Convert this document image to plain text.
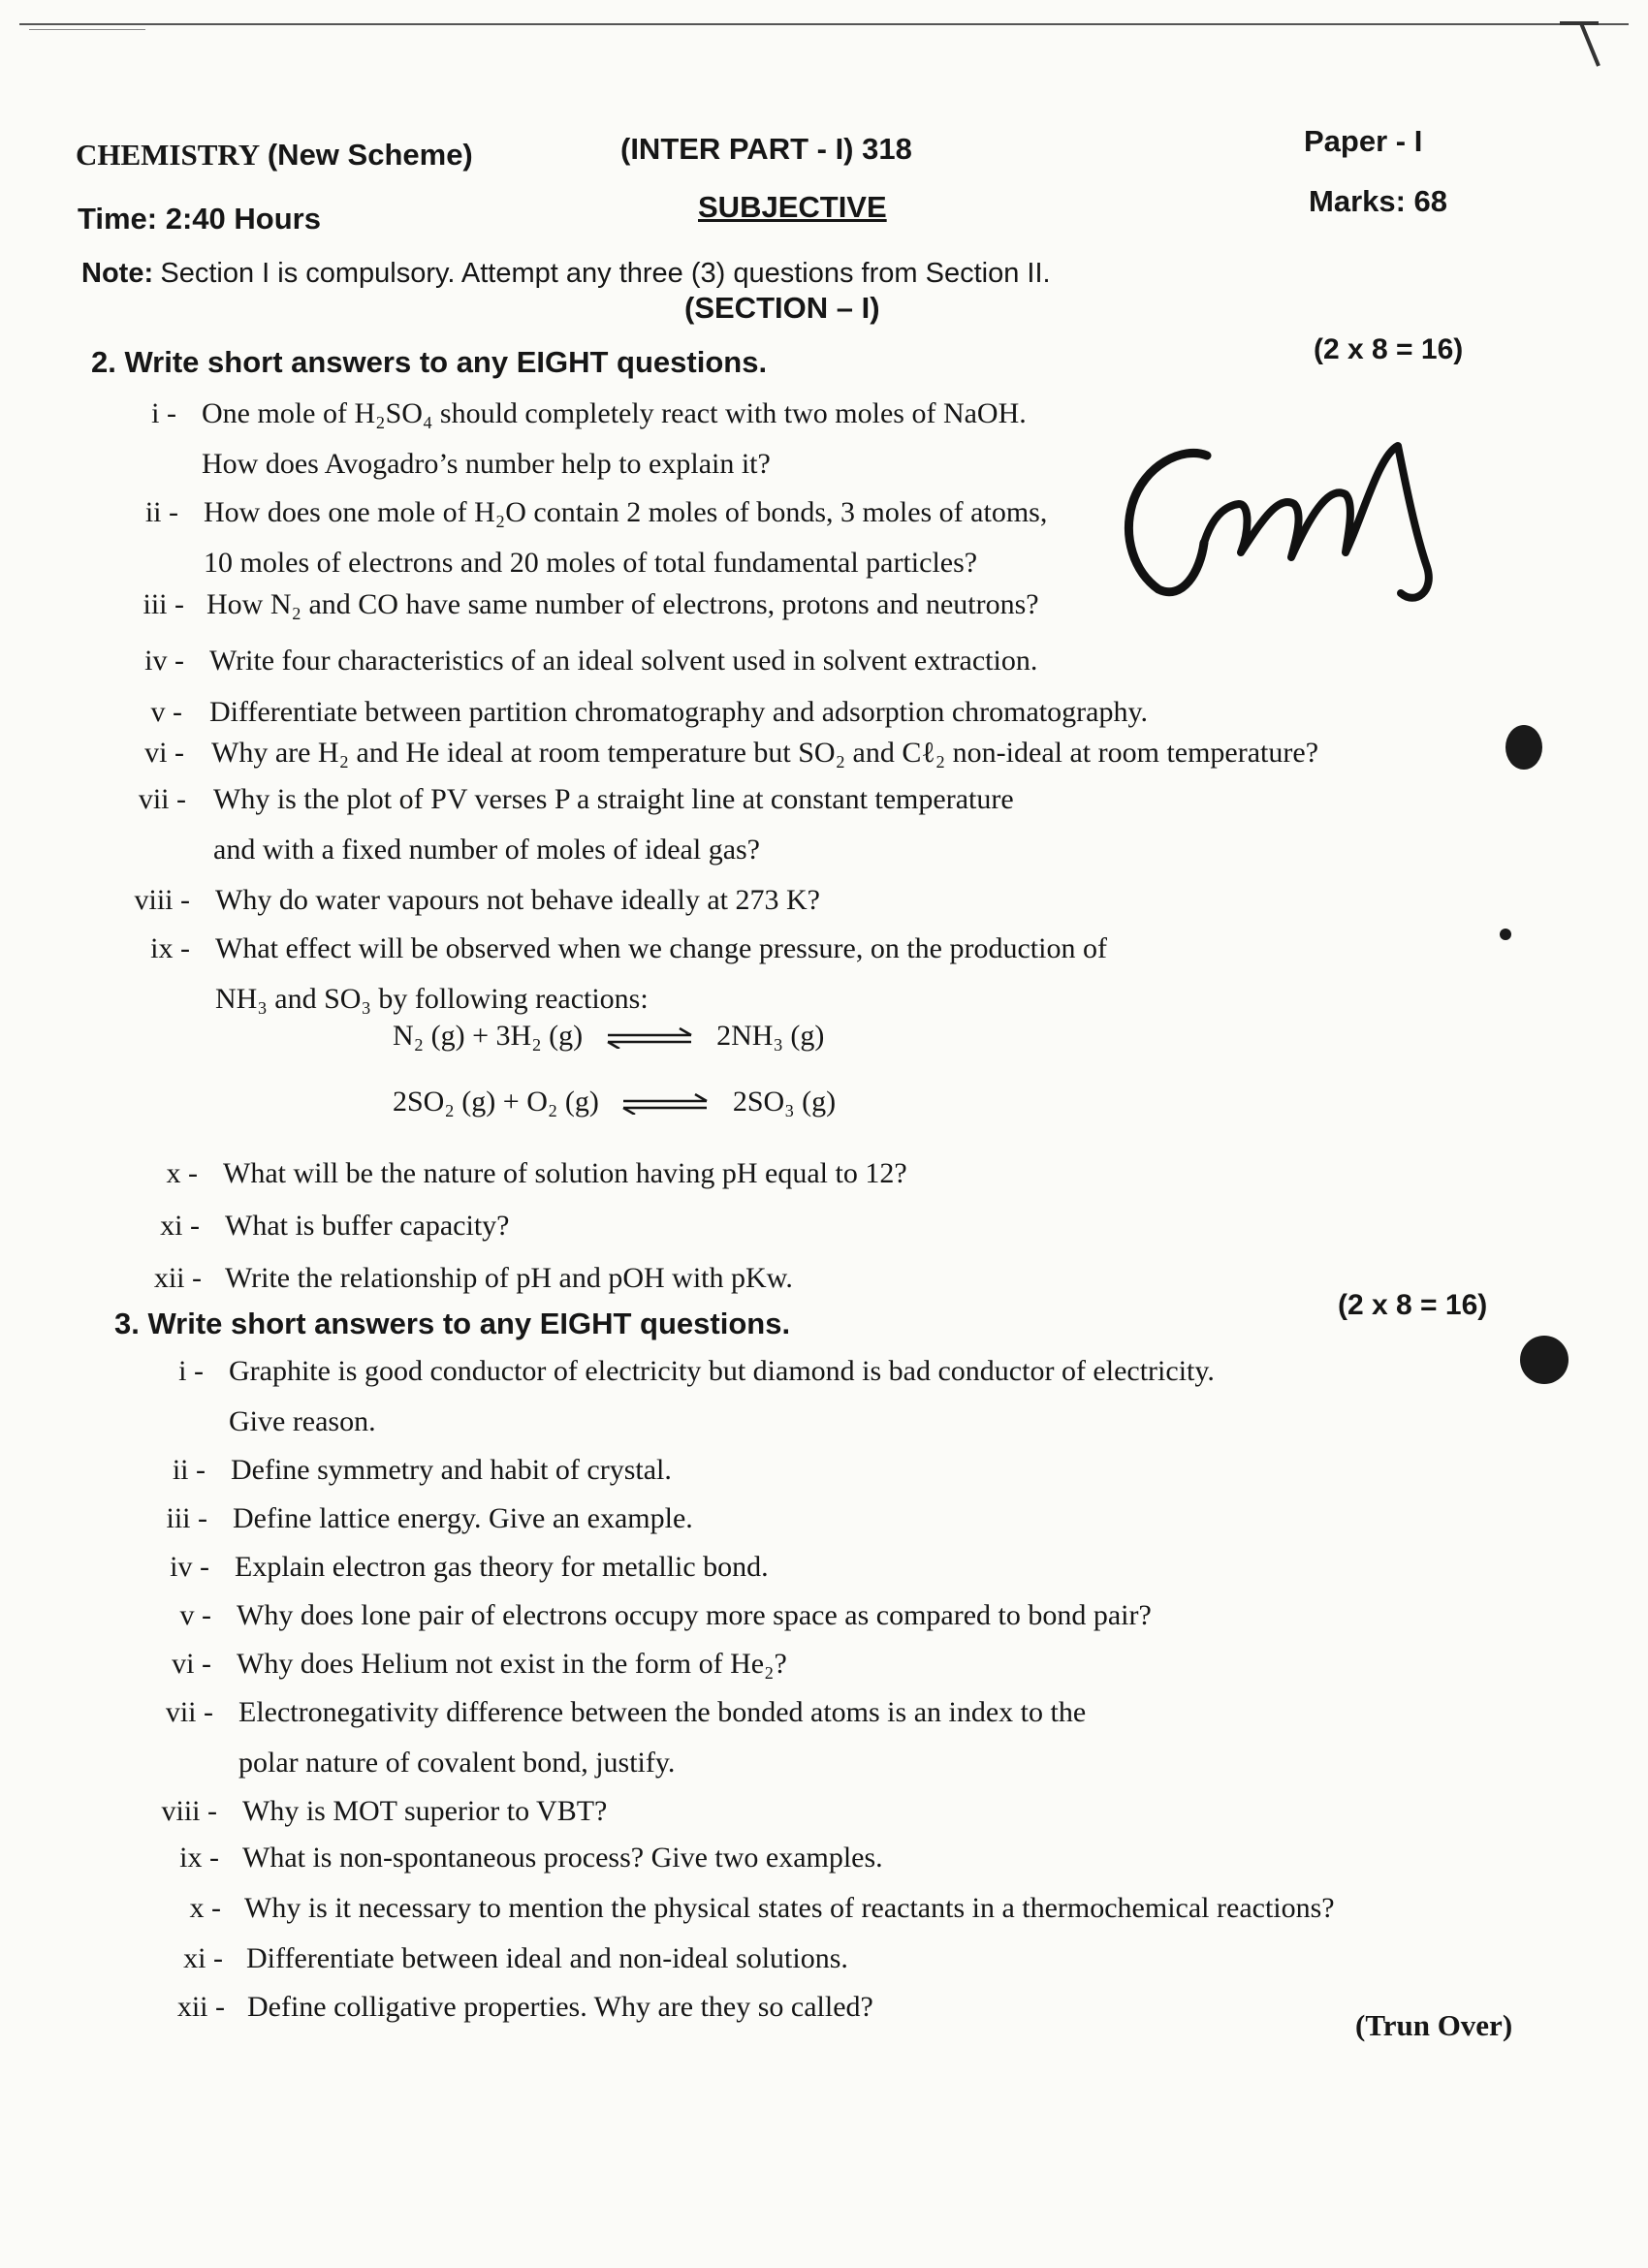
CHEMISTRY (New Scheme)	(INTER PART - I) 318	Paper - I
Time: 2:40 Hours	SUBJECTIVE	Marks: 68
Note: Section I is compulsory. Attempt any three (3) questions from Section II.
(SECTION – I)
2. Write short answers to any EIGHT questions.	(2 x 8 = 16)
i - One mole of H₂SO₄ should completely react with two moles of NaOH.
How does Avogadro’s number help to explain it?
ii - How does one mole of H₂O contain 2 moles of bonds, 3 moles of atoms,
10 moles of electrons and 20 moles of total fundamental particles?
iii - How N₂ and CO have same number of electrons, protons and neutrons?
iv - Write four characteristics of an ideal solvent used in solvent extraction.
v - Differentiate between partition chromatography and adsorption chromatography.
vi - Why are H₂ and He ideal at room temperature but SO₂ and Cℓ₂ non-ideal at room temperature?
vii - Why is the plot of PV verses P a straight line at constant temperature
and with a fixed number of moles of ideal gas?
viii - Why do water vapours not behave ideally at 273 K?
ix - What effect will be observed when we change pressure, on the production of
NH₃ and SO₃ by following reactions:
x - What will be the nature of solution having pH equal to 12?
xi - What is buffer capacity?
xii - Write the relationship of pH and pOH with pKw.
N₂ (g) + 3H₂ (g) ⇌ 2NH₃ (g)
2SO₂ (g) + O₂ (g) ⇌ 2SO₃ (g)
3. Write short answers to any EIGHT questions.
(2 x 8 = 16)
i - Graphite is good conductor of electricity but diamond is bad conductor of electricity.
Give reason.
ii - Define symmetry and habit of crystal.
iii - Define lattice energy. Give an example.
iv - Explain electron gas theory for metallic bond.
v - Why does lone pair of electrons occupy more space as compared to bond pair?
vi - Why does Helium not exist in the form of He₂?
vii - Electronegativity difference between the bonded atoms is an index to the
polar nature of covalent bond, justify.
viii - Why is MOT superior to VBT?
ix - What is non-spontaneous process? Give two examples.
x - Why is it necessary to mention the physical states of reactants in a thermochemical reactions?
xi - Differentiate between ideal and non-ideal solutions.
xii - Define colligative properties. Why are they so called?
(Trun Over)
